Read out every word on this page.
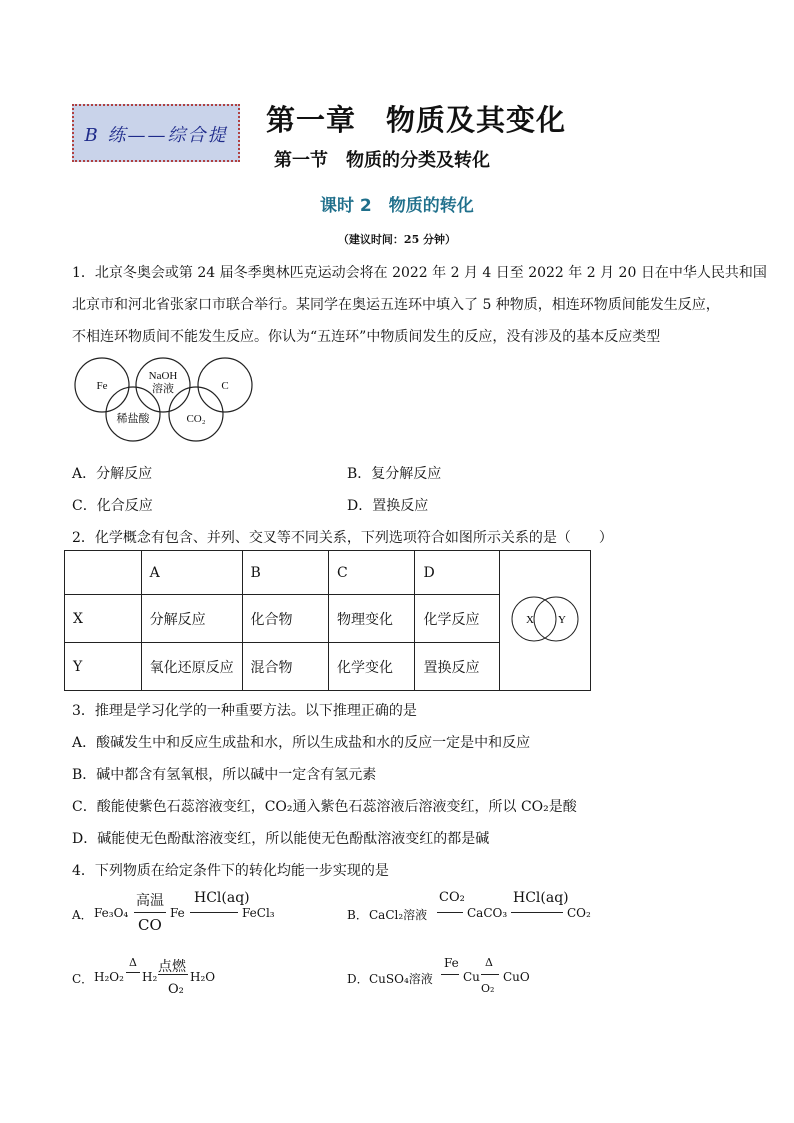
B 练——综合提	第一章　物质及其变化
第一节　物质的分类及转化
课时 2　物质的转化
（建议时间：25 分钟）
1．北京冬奥会或第 24 届冬季奥林匹克运动会将在 2022 年 2 月 4 日至 2022 年 2 月 20 日在中华人民共和国
北京市和河北省张家口市联合举行。某同学在奥运五连环中填入了 5 种物质，相连环物质间能发生反应，
不相连环物质间不能发生反应。你认为“五连环”中物质间发生的反应，没有涉及的基本反应类型
Fe
NaOH
溶液	C
稀盐酸	CO₂
A．分解反应	B．复分解反应
C．化合反应	D．置换反应
2．化学概念有包含、并列、交叉等不同关系，下列选项符合如图所示关系的是（　　）
	A	B	C	D	X Y

X	分解反应	化合物	物理变化	化学反应	
Y	氧化还原反应	混合物	化学变化	置换反应	
3．推理是学习化学的一种重要方法。以下推理正确的是
A．酸碱发生中和反应生成盐和水，所以生成盐和水的反应一定是中和反应
B．碱中都含有氢氧根，所以碱中一定含有氢元素
C．酸能使紫色石蕊溶液变红，CO₂通入紫色石蕊溶液后溶液变红，所以 CO₂是酸
D．碱能使无色酚酞溶液变红，所以能使无色酚酞溶液变红的都是碱
4．下列物质在给定条件下的转化均能一步实现的是
A． Fe₃O₄
高温
CO
Fe
HCl(aq)
FeCl₃	B． CaCl₂溶液
CO₂
CaCO₃
HCl(aq)
CO₂
C． H₂O₂
Δ
H₂
点燃
O₂
H₂O	D． CuSO₄溶液
Fe
Cu
Δ
O₂
CuO
